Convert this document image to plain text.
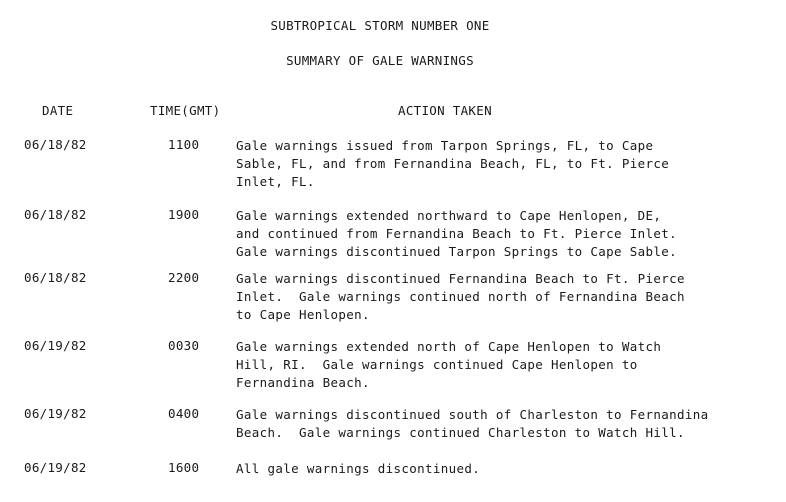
SUBTROPICAL STORM NUMBER ONE
SUMMARY OF GALE WARNINGS
DATE	TIME(GMT)	ACTION TAKEN
06/18/82	1100	Gale warnings issued from Tarpon Springs, FL, to Cape
Sable, FL, and from Fernandina Beach, FL, to Ft. Pierce
Inlet, FL.
06/18/82	1900	Gale warnings extended northward to Cape Henlopen, DE,
and continued from Fernandina Beach to Ft. Pierce Inlet.
Gale warnings discontinued Tarpon Springs to Cape Sable.
06/18/82	2200	Gale warnings discontinued Fernandina Beach to Ft. Pierce
Inlet.  Gale warnings continued north of Fernandina Beach
to Cape Henlopen.
06/19/82	0030	Gale warnings extended north of Cape Henlopen to Watch
Hill, RI.  Gale warnings continued Cape Henlopen to
Fernandina Beach.
06/19/82	0400	Gale warnings discontinued south of Charleston to Fernandina
Beach.  Gale warnings continued Charleston to Watch Hill.
06/19/82	1600	All gale warnings discontinued.
